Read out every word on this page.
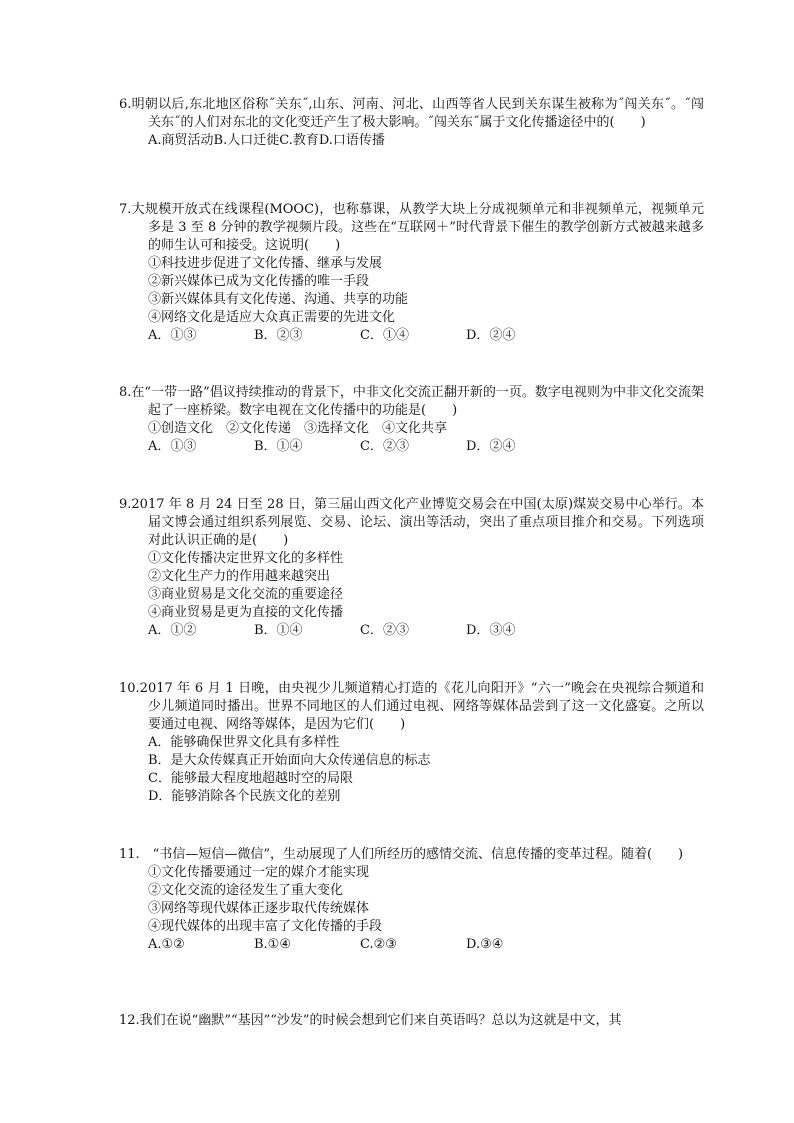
6.明朝以后,东北地区俗称˝关东˝,山东、河南、河北、山西等省人民到关东谋生被称为˝闯关东˝。˝闯关东˝的人们对东北的文化变迁产生了极大影响。˝闯关东˝属于文化传播途径中的(　　)

A.商贸活动B.人口迁徙C.教育D.口语传播

7.大规模开放式在线课程(MOOC)，也称慕课，从教学大块上分成视频单元和非视频单元，视频单元多是 3 至 8 分钟的教学视频片段。这些在“互联网＋”时代背景下催生的教学创新方式被越来越多的师生认可和接受。这说明(　　)

①科技进步促进了文化传播、继承与发展
②新兴媒体已成为文化传播的唯一手段
③新兴媒体具有文化传递、沟通、共享的功能
④网络文化是适应大众真正需要的先进文化
A．①③	B．②③	C．①④	D．②④

8.在“一带一路”倡议持续推动的背景下，中非文化交流正翻开新的一页。数字电视则为中非文化交流架起了一座桥梁。数字电视在文化传播中的功能是(　　)

①创造文化　②文化传递　③选择文化　④文化共享
A．①③	B．①④	C．②③	D．②④

9.2017 年 8 月 24 日至 28 日，第三届山西文化产业博览交易会在中国(太原)煤炭交易中心举行。本届文博会通过组织系列展览、交易、论坛、演出等活动，突出了重点项目推介和交易。下列选项对此认识正确的是(　　)

①文化传播决定世界文化的多样性
②文化生产力的作用越来越突出
③商业贸易是文化交流的重要途径
④商业贸易是更为直接的文化传播
A．①②	B．①④	C．②③	D．③④

10.2017 年 6 月 1 日晚，由央视少儿频道精心打造的《花儿向阳开》“六一”晚会在央视综合频道和少儿频道同时播出。世界不同地区的人们通过电视、网络等媒体品尝到了这一文化盛宴。之所以要通过电视、网络等媒体，是因为它们(　　)

A．能够确保世界文化具有多样性
B．是大众传媒真正开始面向大众传递信息的标志
C．能够最大程度地超越时空的局限
D．能够消除各个民族文化的差别

11.　“书信—短信—微信”，生动展现了人们所经历的感情交流、信息传播的变革过程。随着(　　)

①文化传播要通过一定的媒介才能实现
②文化交流的途径发生了重大变化
③网络等现代媒体正逐步取代传统媒体
④现代媒体的出现丰富了文化传播的手段
A.①②	B.①④	C.②③	D.③④

12.我们在说“幽默”“基因”“沙发”的时候会想到它们来自英语吗？总以为这就是中文，其
